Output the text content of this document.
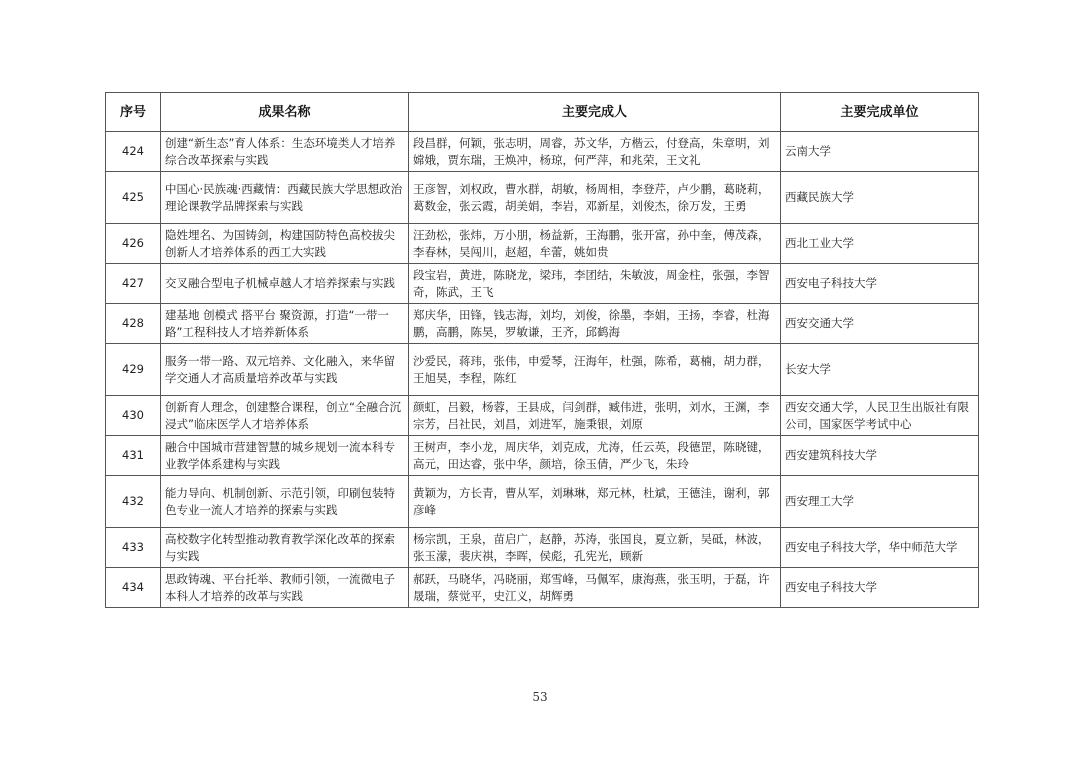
序号	成果名称	主要完成人	主要完成单位
424	创建“新生态”育人体系：生态环境类人才培养综合改革探索与实践	段昌群，何颖，张志明，周睿，苏文华，方楷云，付登高，朱章明，刘嫦娥，贾东瑞，王焕冲，杨琼，何严萍，和兆荣，王文礼	云南大学
425	中国心·民族魂·西藏情：西藏民族大学思想政治理论课教学品牌探索与实践	王彦智，刘权政，曹水群，胡敏，杨周相，李登芹，卢少鹏，葛晓莉，葛数金，张云霞，胡美娟，李岩，邓新星，刘俊杰，徐万发，王勇	西藏民族大学
426	隐姓埋名、为国铸剑，构建国防特色高校拔尖创新人才培养体系的西工大实践	汪劲松，张炜，万小朋，杨益新，王海鹏，张开富，孙中奎，傅茂森，李春林，吴闯川，赵超，牟蕾，姚如贵	西北工业大学
427	交叉融合型电子机械卓越人才培养探索与实践	段宝岩，黄进，陈晓龙，梁玮，李团结，朱敏波，周金柱，张强，李智奇，陈武，王飞	西安电子科技大学
428	建基地 创模式 搭平台 聚资源，打造“一带一路”工程科技人才培养新体系	郑庆华，田锋，钱志海，刘均，刘俊，徐墨，李娟，王扬，李睿，杜海鹏，高鹏，陈昊，罗敏谦，王齐，邱鹤海	西安交通大学
429	服务一带一路、双元培养、文化融入，来华留学交通人才高质量培养改革与实践	沙爱民，蒋玮，张伟，申爱琴，汪海年，杜强，陈希，葛楠，胡力群，王旭昊，李程，陈红	长安大学
430	创新育人理念，创建整合课程，创立“全融合沉浸式”临床医学人才培养体系	颜虹，吕毅，杨蓉，王县成，闫剑群，臧伟进，张明，刘水，王渊，李宗芳，吕社民，刘昌，刘进军，施秉银，刘原	西安交通大学，人民卫生出版社有限公司，国家医学考试中心
431	融合中国城市营建智慧的城乡规划一流本科专业教学体系建构与实践	王树声，李小龙，周庆华，刘克成，尤涛，任云英，段德罡，陈晓键，高元，田达睿，张中华，颜培，徐玉倩，严少飞，朱玲	西安建筑科技大学
432	能力导向、机制创新、示范引领，印刷包装特色专业一流人才培养的探索与实践	黄颖为，方长青，曹从军，刘琳琳，郑元林，杜斌，王德洼，谢利，郭彦峰	西安理工大学
433	高校数字化转型推动教育教学深化改革的探索与实践	杨宗凯，王泉，苗启广，赵静，苏涛，张国良，夏立新，吴砥，林波，张玉濛，裴庆祺，李晖，侯彪，孔宪光，顾新	西安电子科技大学，华中师范大学
434	思政铸魂、平台托举、教师引领，一流微电子本科人才培养的改革与实践	郝跃，马晓华，冯晓丽，郑雪峰，马佩军，康海燕，张玉明，于磊，许晟瑞，蔡觉平，史江义，胡辉勇	西安电子科技大学
53
